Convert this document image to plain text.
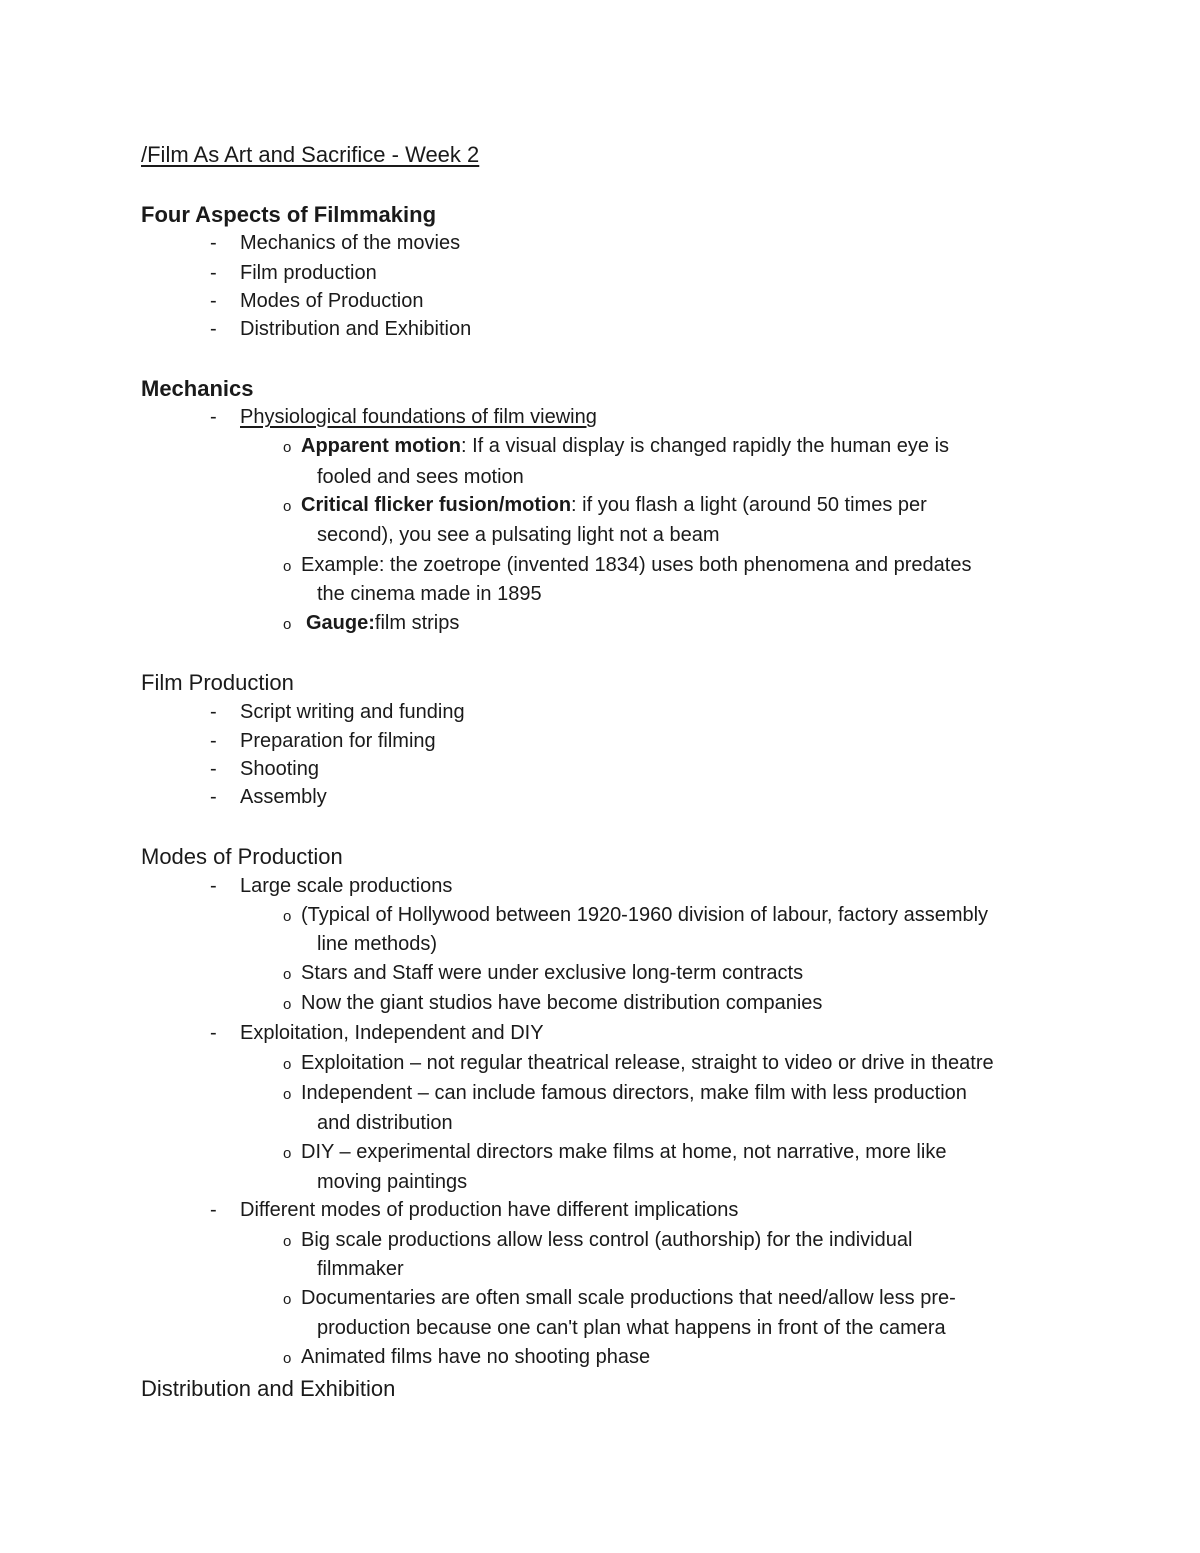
/Film As Art and Sacrifice - Week 2
Four Aspects of Filmmaking
- Mechanics of the movies
- Film production
- Modes of Production
- Distribution and Exhibition
Mechanics
- Physiological foundations of film viewing
o Apparent motion: If a visual display is changed rapidly the human eye is
fooled and sees motion
o Critical flicker fusion/motion: if you flash a light (around 50 times per
second), you see a pulsating light not a beam
o Example: the zoetrope (invented 1834) uses both phenomena and predates
the cinema made in 1895
o Gauge:film strips
Film Production
- Script writing and funding
- Preparation for filming
- Shooting
- Assembly
Modes of Production
- Large scale productions
o (Typical of Hollywood between 1920-1960 division of labour, factory assembly
line methods)
o Stars and Staff were under exclusive long-term contracts
o Now the giant studios have become distribution companies
- Exploitation, Independent and DIY
o Exploitation – not regular theatrical release, straight to video or drive in theatre
o Independent – can include famous directors, make film with less production
and distribution
o DIY – experimental directors make films at home, not narrative, more like
moving paintings
- Different modes of production have different implications
o Big scale productions allow less control (authorship) for the individual
filmmaker
o Documentaries are often small scale productions that need/allow less pre-
production because one can't plan what happens in front of the camera
o Animated films have no shooting phase
Distribution and Exhibition
